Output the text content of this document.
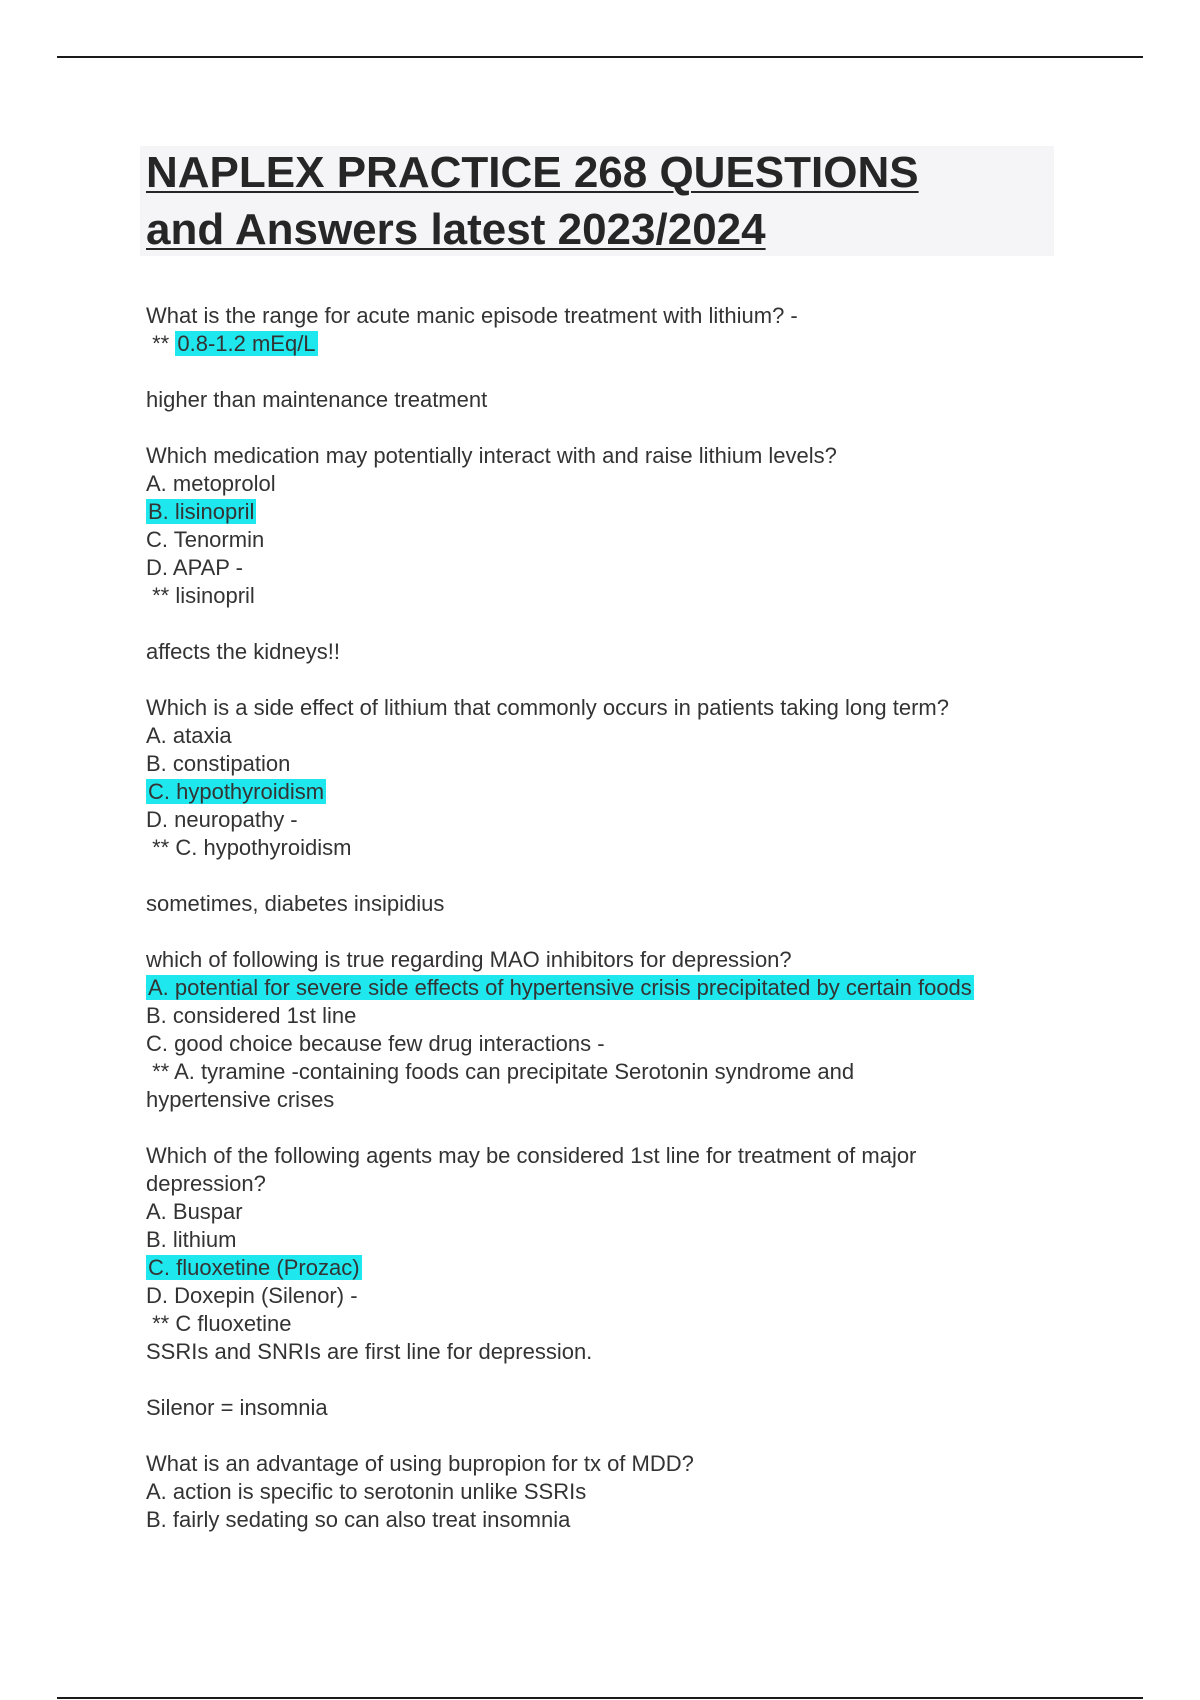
NAPLEX PRACTICE 268 QUESTIONS
and Answers latest 2023/2024
What is the range for acute manic episode treatment with lithium? -
** 0.8-1.2 mEq/L
higher than maintenance treatment
Which medication may potentially interact with and raise lithium levels?
A. metoprolol
B. lisinopril
C. Tenormin
D. APAP -
** lisinopril
affects the kidneys!!
Which is a side effect of lithium that commonly occurs in patients taking long term?
A. ataxia
B. constipation
C. hypothyroidism
D. neuropathy -
** C. hypothyroidism
sometimes, diabetes insipidius
which of following is true regarding MAO inhibitors for depression?
A. potential for severe side effects of hypertensive crisis precipitated by certain foods
B. considered 1st line
C. good choice because few drug interactions -
** A. tyramine -containing foods can precipitate Serotonin syndrome and
hypertensive crises
Which of the following agents may be considered 1st line for treatment of major
depression?
A. Buspar
B. lithium
C. fluoxetine (Prozac)
D. Doxepin (Silenor) -
** C fluoxetine
SSRIs and SNRIs are first line for depression.
Silenor = insomnia
What is an advantage of using bupropion for tx of MDD?
A. action is specific to serotonin unlike SSRIs
B. fairly sedating so can also treat insomnia
